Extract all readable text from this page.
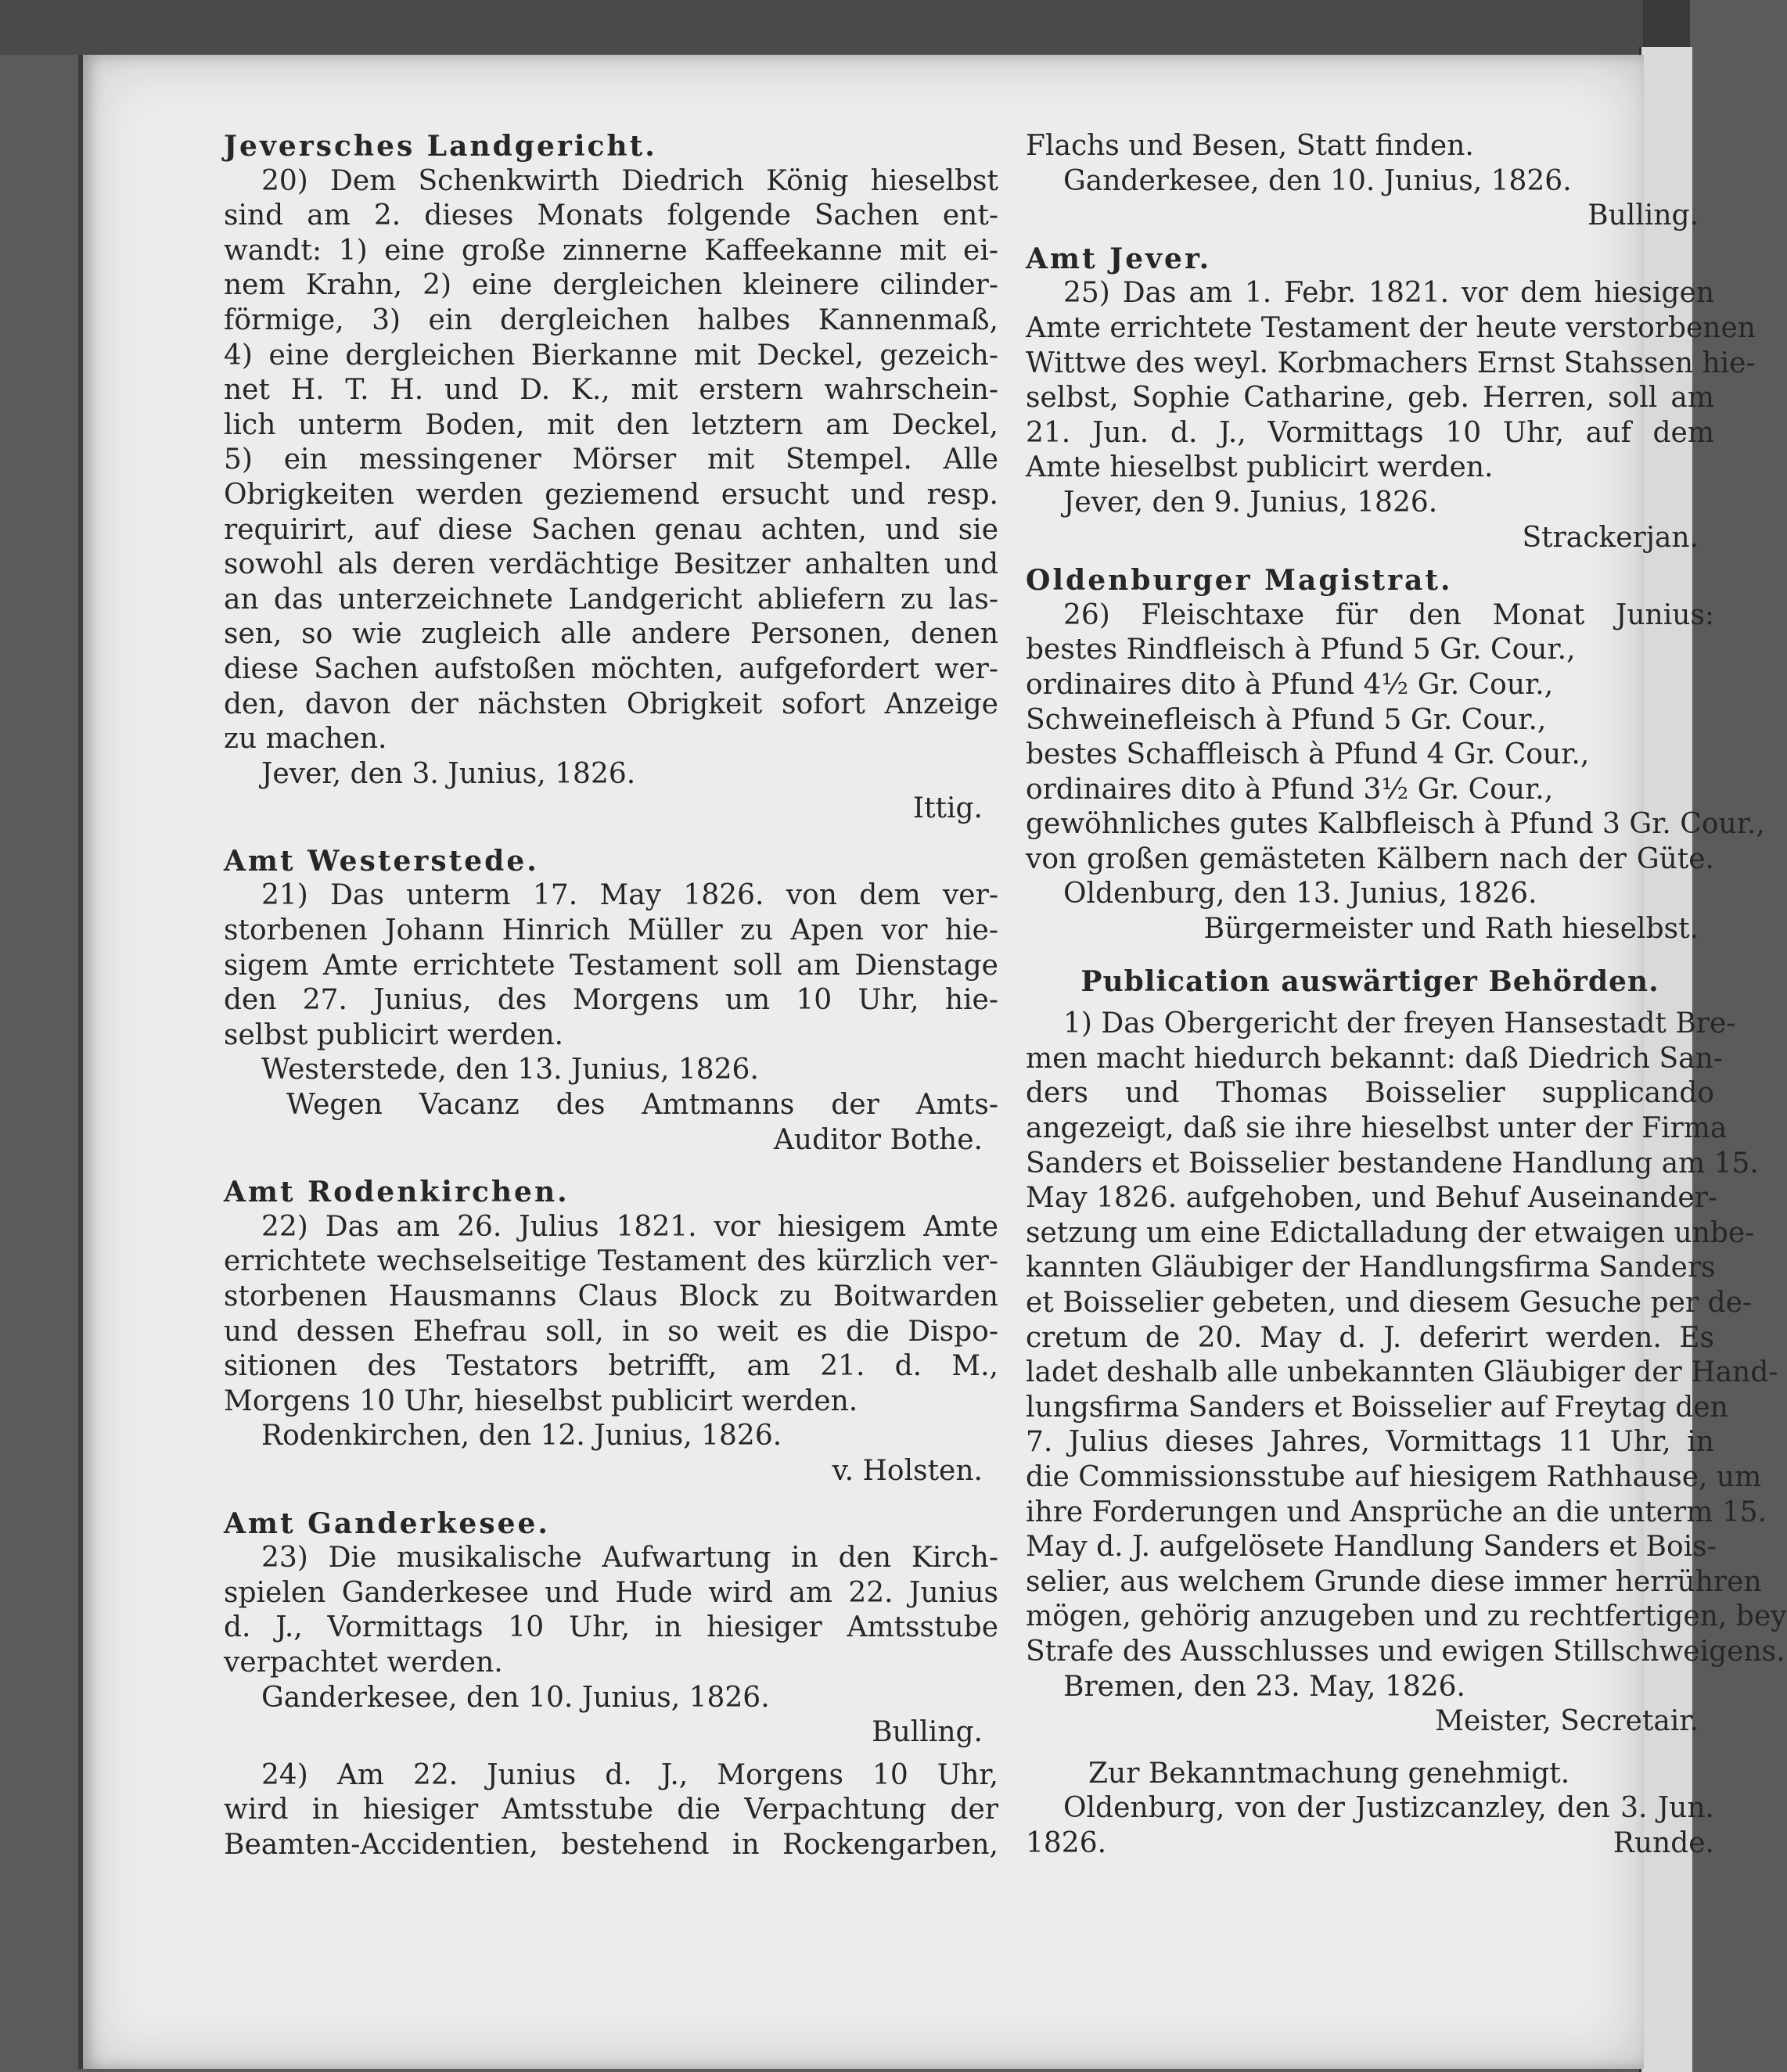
Jeversches Landgericht.
20) Dem Schenkwirth Diedrich König hieselbst
sind am 2. dieses Monats folgende Sachen ent-
wandt: 1) eine große zinnerne Kaffeekanne mit ei-
nem Krahn, 2) eine dergleichen kleinere cilinder-
förmige, 3) ein dergleichen halbes Kannenmaß,
4) eine dergleichen Bierkanne mit Deckel, gezeich-
net H. T. H. und D. K., mit erstern wahrschein-
lich unterm Boden, mit den letztern am Deckel,
5) ein messingener Mörser mit Stempel. Alle
Obrigkeiten werden geziemend ersucht und resp.
requirirt, auf diese Sachen genau achten, und sie
sowohl als deren verdächtige Besitzer anhalten und
an das unterzeichnete Landgericht abliefern zu las-
sen, so wie zugleich alle andere Personen, denen
diese Sachen aufstoßen möchten, aufgefordert wer-
den, davon der nächsten Obrigkeit sofort Anzeige
zu machen.
Jever, den 3. Junius, 1826.
Ittig.
Amt Westerstede.
21) Das unterm 17. May 1826. von dem ver-
storbenen Johann Hinrich Müller zu Apen vor hie-
sigem Amte errichtete Testament soll am Dienstage
den 27. Junius, des Morgens um 10 Uhr, hie-
selbst publicirt werden.
Westerstede, den 13. Junius, 1826.
Wegen Vacanz des Amtmanns der Amts-
Auditor Bothe.
Amt Rodenkirchen.
22) Das am 26. Julius 1821. vor hiesigem Amte
errichtete wechselseitige Testament des kürzlich ver-
storbenen Hausmanns Claus Block zu Boitwarden
und dessen Ehefrau soll, in so weit es die Dispo-
sitionen des Testators betrifft, am 21. d. M.,
Morgens 10 Uhr, hieselbst publicirt werden.
Rodenkirchen, den 12. Junius, 1826.
v. Holsten.
Amt Ganderkesee.
23) Die musikalische Aufwartung in den Kirch-
spielen Ganderkesee und Hude wird am 22. Junius
d. J., Vormittags 10 Uhr, in hiesiger Amtsstube
verpachtet werden.
Ganderkesee, den 10. Junius, 1826.
Bulling.
24) Am 22. Junius d. J., Morgens 10 Uhr,
wird in hiesiger Amtsstube die Verpachtung der
Beamten-Accidentien, bestehend in Rockengarben,
Flachs und Besen, Statt finden.
Ganderkesee, den 10. Junius, 1826.
Bulling.
Amt Jever.
25) Das am 1. Febr. 1821. vor dem hiesigen
Amte errichtete Testament der heute verstorbenen
Wittwe des weyl. Korbmachers Ernst Stahssen hie-
selbst, Sophie Catharine, geb. Herren, soll am
21. Jun. d. J., Vormittags 10 Uhr, auf dem
Amte hieselbst publicirt werden.
Jever, den 9. Junius, 1826.
Strackerjan.
Oldenburger Magistrat.
26) Fleischtaxe für den Monat Junius:
bestes Rindfleisch à Pfund 5 Gr. Cour.,
ordinaires dito à Pfund 4½ Gr. Cour.,
Schweinefleisch à Pfund 5 Gr. Cour.,
bestes Schaffleisch à Pfund 4 Gr. Cour.,
ordinaires dito à Pfund 3½ Gr. Cour.,
gewöhnliches gutes Kalbfleisch à Pfund 3 Gr. Cour.,
von großen gemästeten Kälbern nach der Güte.
Oldenburg, den 13. Junius, 1826.
Bürgermeister und Rath hieselbst.
Publication auswärtiger Behörden.
1) Das Obergericht der freyen Hansestadt Bre-
men macht hiedurch bekannt: daß Diedrich San-
ders und Thomas Boisselier supplicando
angezeigt, daß sie ihre hieselbst unter der Firma
Sanders et Boisselier bestandene Handlung am 15.
May 1826. aufgehoben, und Behuf Auseinander-
setzung um eine Edictalladung der etwaigen unbe-
kannten Gläubiger der Handlungsfirma Sanders
et Boisselier gebeten, und diesem Gesuche per de-
cretum de 20. May d. J. deferirt werden. Es
ladet deshalb alle unbekannten Gläubiger der Hand-
lungsfirma Sanders et Boisselier auf Freytag den
7. Julius dieses Jahres, Vormittags 11 Uhr, in
die Commissionsstube auf hiesigem Rathhause, um
ihre Forderungen und Ansprüche an die unterm 15.
May d. J. aufgelösete Handlung Sanders et Bois-
selier, aus welchem Grunde diese immer herrühren
mögen, gehörig anzugeben und zu rechtfertigen, bey
Strafe des Ausschlusses und ewigen Stillschweigens.
Bremen, den 23. May, 1826.
Meister, Secretair.
Zur Bekanntmachung genehmigt.
Oldenburg, von der Justizcanzley, den 3. Jun.
1826. Runde.
